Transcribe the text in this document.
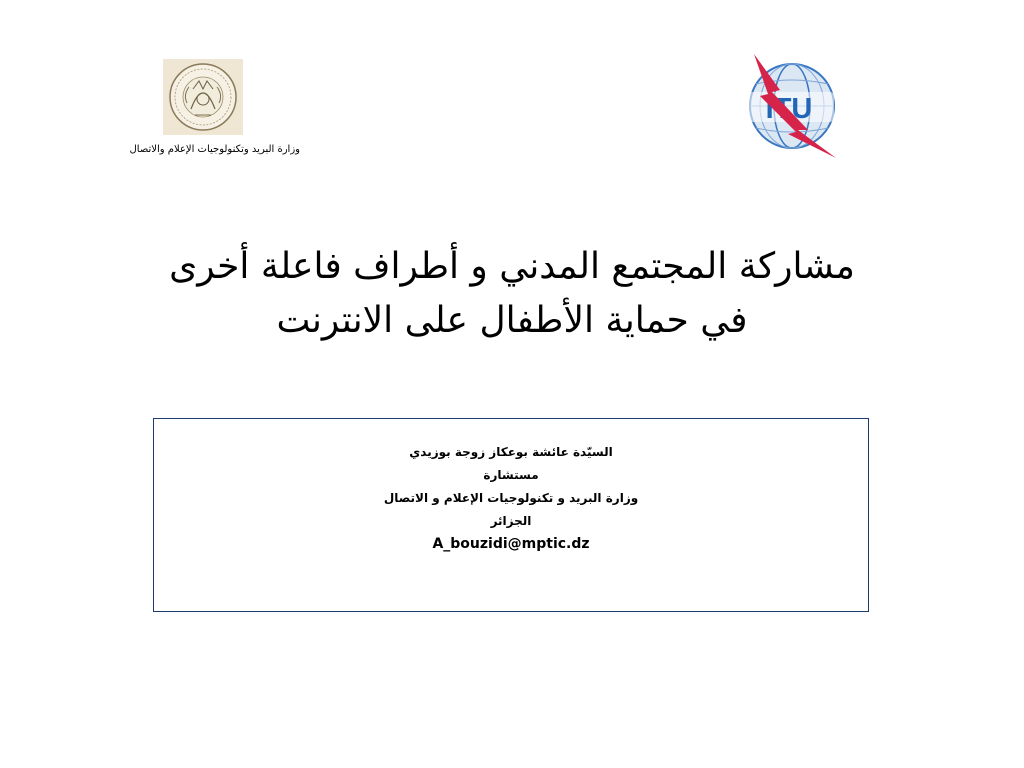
وزارة البريد وتكنولوجيات الإعلام والاتصال
ITU
مشاركة المجتمع المدني و أطراف فاعلة أخرى
في حماية الأطفال على الانترنت
السيّدة عائشة بوعكاز زوجة بوزيدي
مستشارة
وزارة البريد و تكنولوجيات الإعلام و الاتصال
الجزائر
A_bouzidi@mptic.dz
